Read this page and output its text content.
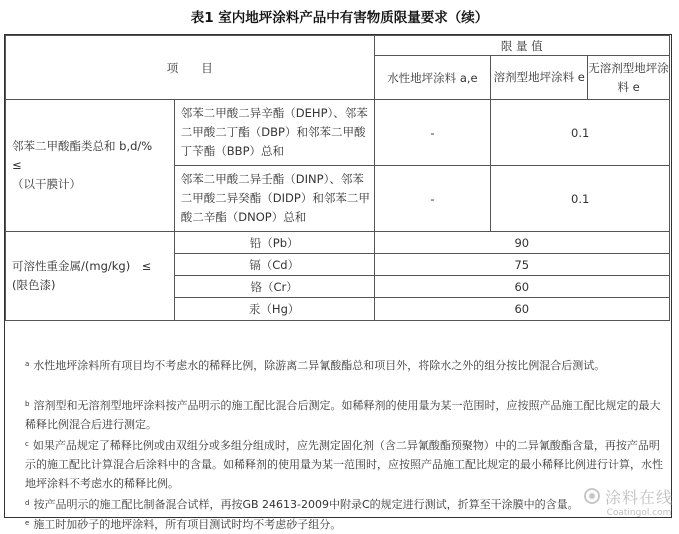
表1 室内地坪涂料产品中有害物质限量要求（续）
项　　目		限 量 值		
		水性地坪涂料 a,e	溶剂型地坪涂料 e	无溶剂型地坪涂料 e

邻苯二甲酸酯类总和 b,d/%
≤
（以干膜计）	邻苯二甲酸二异辛酯（DEHP）、邻苯二甲酸二丁酯（DBP）和邻苯二甲酸丁苄酯（BBP）总和	-	0.1	
	邻苯二甲酸二异壬酯（DINP）、邻苯二甲酸二异癸酯（DIDP）和邻苯二甲酸二辛酯（DNOP）总和	-	0.1	

可溶性重金属/(mg/kg)　≤
(限色漆)	铅（Pb）	90		
	镉（Cd）	75		
	铬（Cr）	60		
	汞（Hg）	60		
$^a$ 水性地坪涂料所有项目均不考虑水的稀释比例，除游离二异氰酸酯总和项目外，将除水之外的组分按比例混合后测试。
$^b$ 溶剂型和无溶剂型地坪涂料按产品明示的施工配比混合后测定。如稀释剂的使用量为某一范围时，应按照产品施工配比规定的最大稀释比例混合后进行测定。
$^c$ 如果产品规定了稀释比例或由双组分或多组分组成时，应先测定固化剂（含二异氰酸酯预聚物）中的二异氰酸酯含量，再按产品明示的施工配比计算混合后涂料中的含量。如稀释剂的使用量为某一范围时，应按照产品施工配比规定的最小稀释比例进行计算，水性地坪涂料不考虑水的稀释比例。
$^d$ 按产品明示的施工配比制备混合试样，再按GB 24613-2009中附录C的规定进行测试，折算至干涂膜中的含量。
$^e$ 施工时加砂子的地坪涂料，所有项目测试时均不考虑砂子组分。
涂料在线
Coatingol.com
